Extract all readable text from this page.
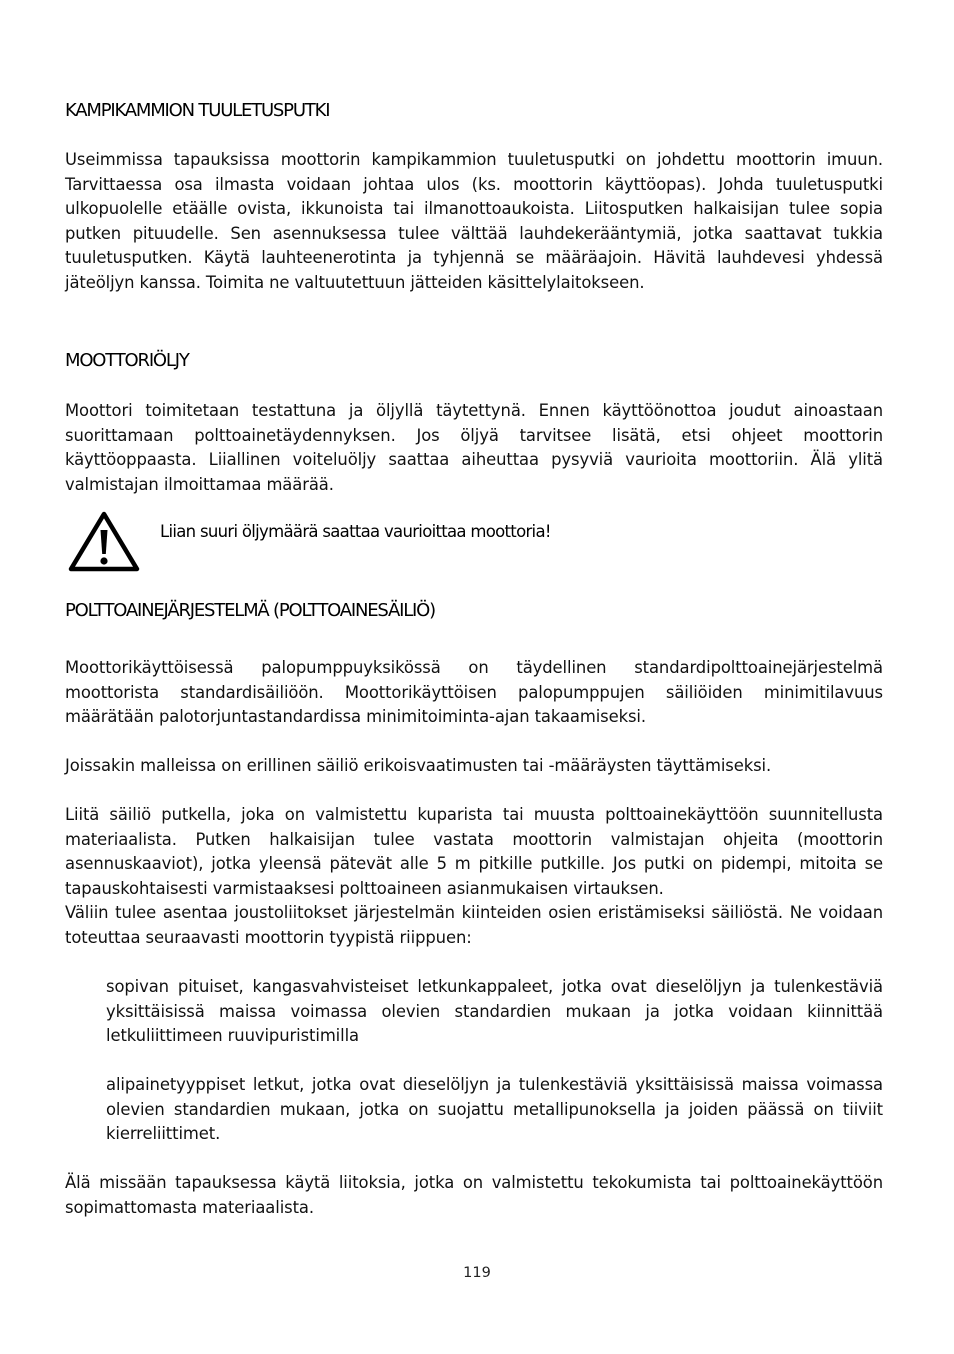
KAMPIKAMMION TUULETUSPUTKI

Useimmissa tapauksissa moottorin kampikammion tuuletusputki on johdettu moottorin imuun. Tarvittaessa osa ilmasta voidaan johtaa ulos (ks. moottorin käyttöopas). Johda tuuletusputki ulkopuolelle etäälle ovista, ikkunoista tai ilmanottoaukoista. Liitosputken halkaisijan tulee sopia putken pituudelle. Sen asennuksessa tulee välttää lauhdekerääntymiä, jotka saattavat tukkia tuuletusputken. Käytä lauhteenerotinta ja tyhjennä se määräajoin. Hävitä lauhdevesi yhdessä jäteöljyn kanssa. Toimita ne valtuutettuun jätteiden käsittelylaitokseen.

MOOTTORIÖLJY

Moottori toimitetaan testattuna ja öljyllä täytettynä. Ennen käyttöönottoa joudut ainoastaan suorittamaan polttoainetäydennyksen. Jos öljyä tarvitsee lisätä, etsi ohjeet moottorin käyttöoppaasta. Liiallinen voiteluöljy saattaa aiheuttaa pysyviä vaurioita moottoriin. Älä ylitä valmistajan ilmoittamaa määrää.

POLTTOAINEJÄRJESTELMÄ (POLTTOAINESÄILIÖ)

Moottorikäyttöisessä palopumppuyksikössä on täydellinen standardipolttoainejärjestelmä moottorista standardisäiliöön. Moottorikäyttöisen palopumppujen säiliöiden minimitilavuus määrätään palotorjuntastandardissa minimitoiminta-ajan takaamiseksi.

Joissakin malleissa on erillinen säiliö erikoisvaatimusten tai -määräysten täyttämiseksi.

Liitä säiliö putkella, joka on valmistettu kuparista tai muusta polttoainekäyttöön suunnitellusta materiaalista. Putken halkaisijan tulee vastata moottorin valmistajan ohjeita (moottorin asennuskaaviot), jotka yleensä pätevät alle 5 m pitkille putkille. Jos putki on pidempi, mitoita se tapauskohtaisesti varmistaaksesi polttoaineen asianmukaisen virtauksen.

Väliin tulee asentaa joustoliitokset järjestelmän kiinteiden osien eristämiseksi säiliöstä. Ne voidaan toteuttaa seuraavasti moottorin tyypistä riippuen:

sopivan pituiset, kangasvahvisteiset letkunkappaleet, jotka ovat dieselöljyn ja tulenkestäviä yksittäisissä maissa voimassa olevien standardien mukaan ja jotka voidaan kiinnittää letkuliittimeen ruuvipuristimilla

alipainetyyppiset letkut, jotka ovat dieselöljyn ja tulenkestäviä yksittäisissä maissa voimassa olevien standardien mukaan, jotka on suojattu metallipunoksella ja joiden päässä on tiiviit kierreliittimet.

Älä missään tapauksessa käytä liitoksia, jotka on valmistettu tekokumista tai polttoainekäyttöön sopimattomasta materiaalista.

Liian suuri öljymäärä saattaa vaurioittaa moottoria!
119
